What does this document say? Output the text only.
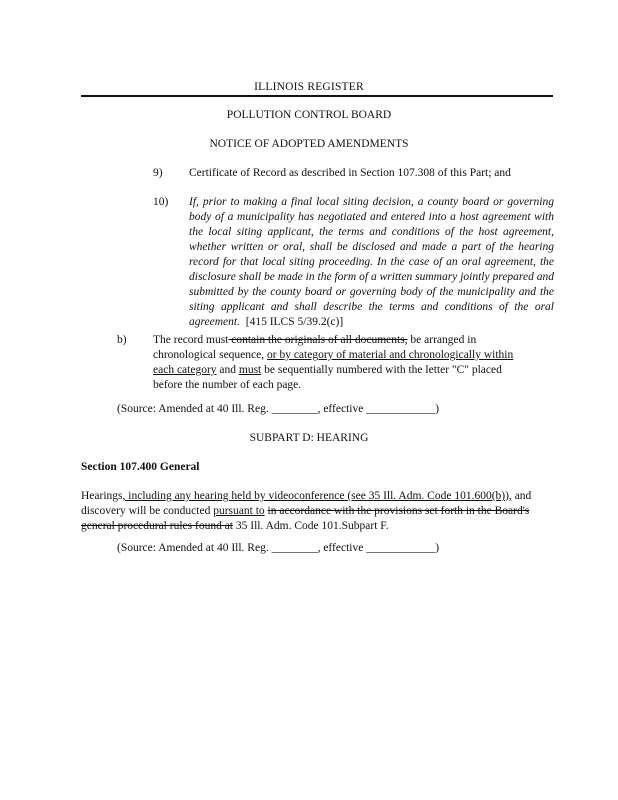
ILLINOIS REGISTER
POLLUTION CONTROL BOARD
NOTICE OF ADOPTED AMENDMENTS
9) Certificate of Record as described in Section 107.308 of this Part; and
10) If, prior to making a final local siting decision, a county board or governing body of a municipality has negotiated and entered into a host agreement with the local siting applicant, the terms and conditions of the host agreement, whether written or oral, shall be disclosed and made a part of the hearing record for that local siting proceeding. In the case of an oral agreement, the disclosure shall be made in the form of a written summary jointly prepared and submitted by the county board or governing body of the municipality and the siting applicant and shall describe the terms and conditions of the oral agreement. [415 ILCS 5/39.2(c)]
b) The record must contain the originals of all documents, be arranged in chronological sequence, or by category of material and chronologically within each category and must be sequentially numbered with the letter "C" placed before the number of each page.
(Source: Amended at 40 Ill. Reg. ________, effective ____________)
SUBPART D: HEARING
Section 107.400 General
Hearings, including any hearing held by videoconference (see 35 Ill. Adm. Code 101.600(b)), and discovery will be conducted pursuant to in accordance with the provisions set forth in the Board's general procedural rules found at 35 Ill. Adm. Code 101.Subpart F.
(Source: Amended at 40 Ill. Reg. ________, effective ____________)
